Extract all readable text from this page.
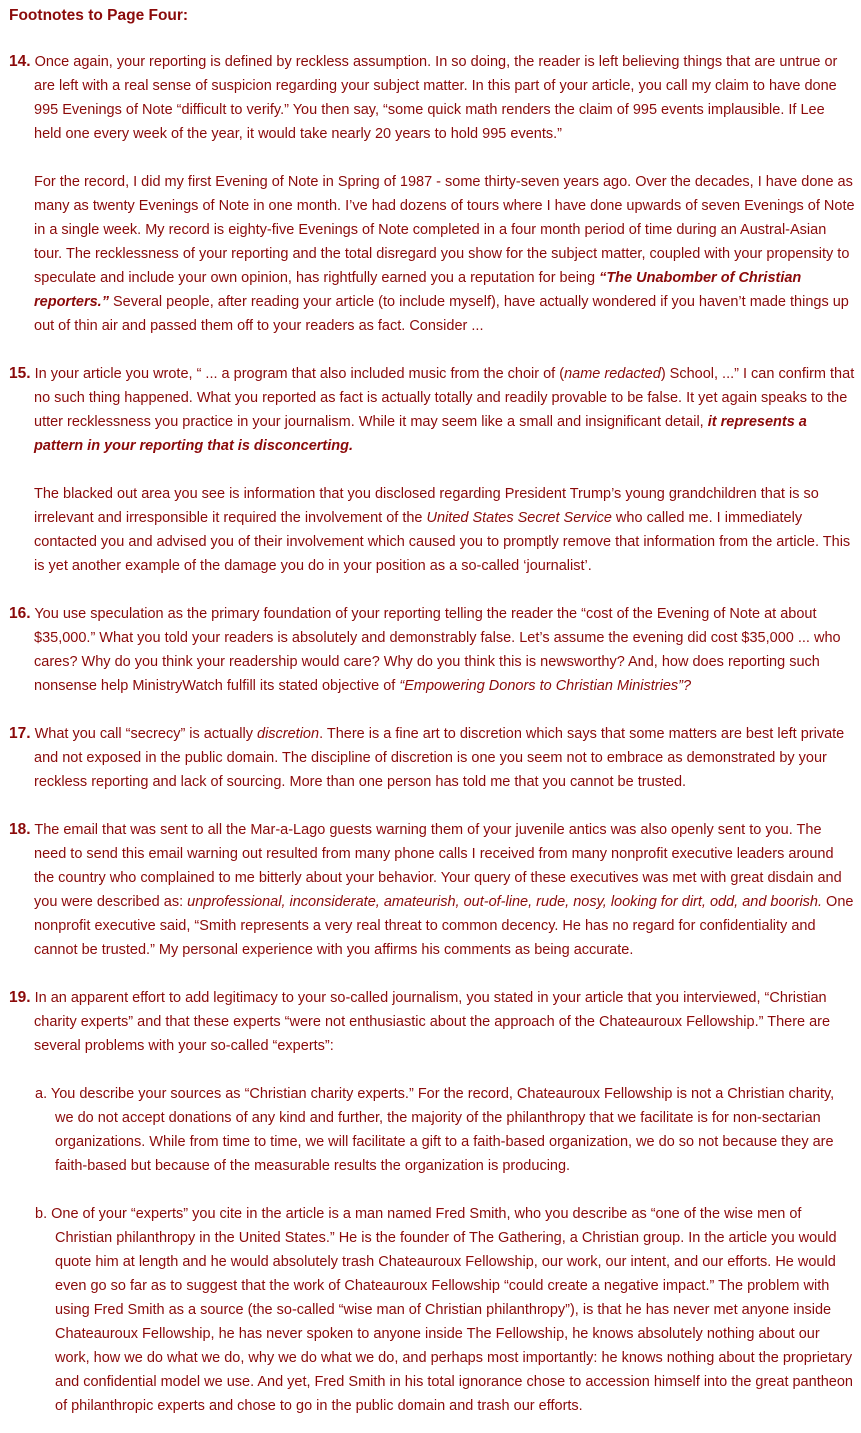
Footnotes to Page Four:

14. Once again, your reporting is defined by reckless assumption. In so doing, the reader is left believing things that are untrue or are left with a real sense of suspicion regarding your subject matter. In this part of your article, you call my claim to have done 995 Evenings of Note “difficult to verify.” You then say, “some quick math renders the claim of 995 events implausible. If Lee held one every week of the year, it would take nearly 20 years to hold 995 events.”

For the record, I did my first Evening of Note in Spring of 1987 - some thirty-seven years ago. Over the decades, I have done as many as twenty Evenings of Note in one month. I’ve had dozens of tours where I have done upwards of seven Evenings of Note in a single week. My record is eighty-five Evenings of Note completed in a four month period of time during an Austral-Asian tour. The recklessness of your reporting and the total disregard you show for the subject matter, coupled with your propensity to speculate and include your own opinion, has rightfully earned you a reputation for being “The Unabomber of Christian reporters.” Several people, after reading your article (to include myself), have actually wondered if you haven’t made things up out of thin air and passed them off to your readers as fact. Consider ...

15. In your article you wrote, “ ... a program that also included music from the choir of (name redacted) School, ...” I can confirm that no such thing happened. What you reported as fact is actually totally and readily provable to be false. It yet again speaks to the utter recklessness you practice in your journalism. While it may seem like a small and insignificant detail, it represents a pattern in your reporting that is disconcerting.

The blacked out area you see is information that you disclosed regarding President Trump’s young grandchildren that is so irrelevant and irresponsible it required the involvement of the United States Secret Service who called me. I immediately contacted you and advised you of their involvement which caused you to promptly remove that information from the article. This is yet another example of the damage you do in your position as a so-called ‘journalist’.

16. You use speculation as the primary foundation of your reporting telling the reader the “cost of the Evening of Note at about $35,000.” What you told your readers is absolutely and demonstrably false. Let’s assume the evening did cost $35,000 ... who cares? Why do you think your readership would care? Why do you think this is newsworthy? And, how does reporting such nonsense help MinistryWatch fulfill its stated objective of “Empowering Donors to Christian Ministries”?

17. What you call “secrecy” is actually discretion. There is a fine art to discretion which says that some matters are best left private and not exposed in the public domain. The discipline of discretion is one you seem not to embrace as demonstrated by your reckless reporting and lack of sourcing. More than one person has told me that you cannot be trusted.

18. The email that was sent to all the Mar-a-Lago guests warning them of your juvenile antics was also openly sent to you. The need to send this email warning out resulted from many phone calls I received from many nonprofit executive leaders around the country who complained to me bitterly about your behavior. Your query of these executives was met with great disdain and you were described as: unprofessional, inconsiderate, amateurish, out-of-line, rude, nosy, looking for dirt, odd, and boorish. One nonprofit executive said, “Smith represents a very real threat to common decency. He has no regard for confidentiality and cannot be trusted.” My personal experience with you affirms his comments as being accurate.

19. In an apparent effort to add legitimacy to your so-called journalism, you stated in your article that you interviewed, “Christian charity experts” and that these experts “were not enthusiastic about the approach of the Chateauroux Fellowship.” There are several problems with your so-called “experts”:

a. You describe your sources as “Christian charity experts.” For the record, Chateauroux Fellowship is not a Christian charity, we do not accept donations of any kind and further, the majority of the philanthropy that we facilitate is for non-sectarian organizations. While from time to time, we will facilitate a gift to a faith-based organization, we do so not because they are faith-based but because of the measurable results the organization is producing.

b. One of your “experts” you cite in the article is a man named Fred Smith, who you describe as “one of the wise men of Christian philanthropy in the United States.” He is the founder of The Gathering, a Christian group. In the article you would quote him at length and he would absolutely trash Chateauroux Fellowship, our work, our intent, and our efforts. He would even go so far as to suggest that the work of Chateauroux Fellowship “could create a negative impact.” The problem with using Fred Smith as a source (the so-called “wise man of Christian philanthropy”), is that he has never met anyone inside Chateauroux Fellowship, he has never spoken to anyone inside The Fellowship, he knows absolutely nothing about our work, how we do what we do, why we do what we do, and perhaps most importantly: he knows nothing about the proprietary and confidential model we use. And yet, Fred Smith in his total ignorance chose to accession himself into the great pantheon of philanthropic experts and chose to go in the public domain and trash our efforts.
